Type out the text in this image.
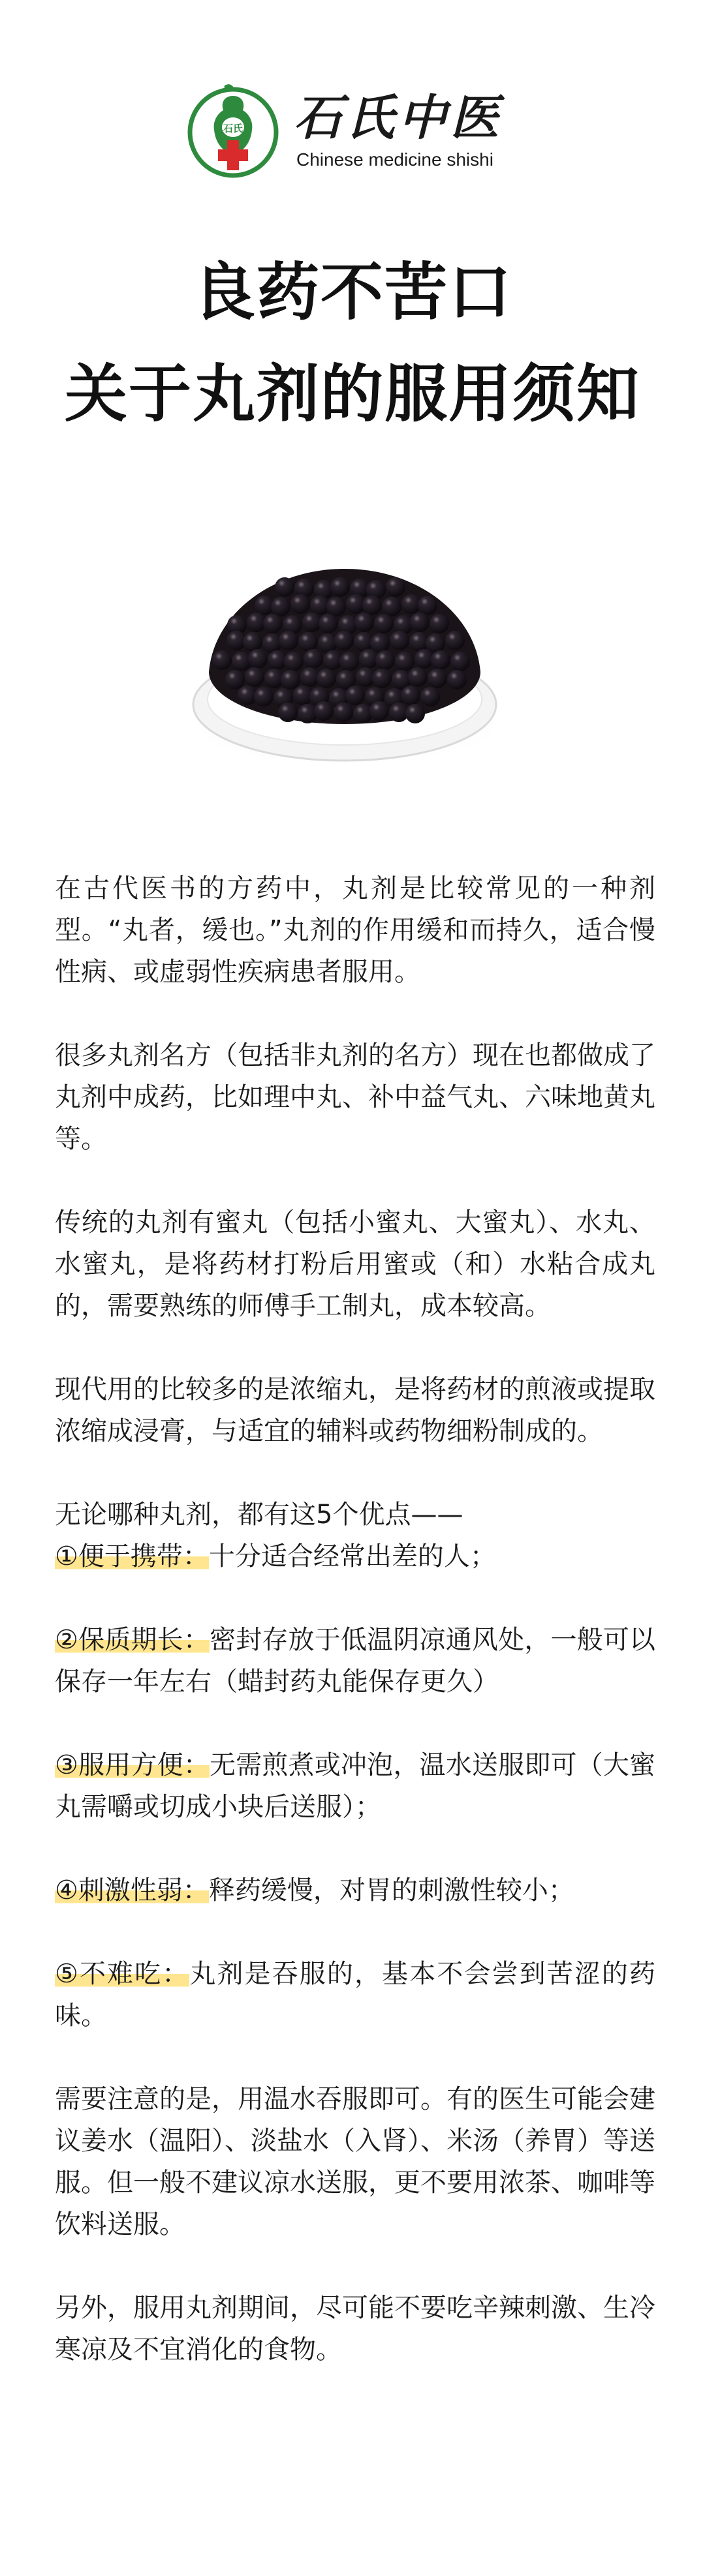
石氏 石氏中医
Chinese medicine shishi
良药不苦口
关于丸剂的服用须知

在古代医书的方药中，丸剂是比较常见的一种剂型。“丸者，缓也。”丸剂的作用缓和而持久，适合慢性病、或虚弱性疾病患者服用。

很多丸剂名方（包括非丸剂的名方）现在也都做成了丸剂中成药，比如理中丸、补中益气丸、六味地黄丸等。

传统的丸剂有蜜丸（包括小蜜丸、大蜜丸）、水丸、水蜜丸，是将药材打粉后用蜜或（和）水粘合成丸的，需要熟练的师傅手工制丸，成本较高。

现代用的比较多的是浓缩丸，是将药材的煎液或提取浓缩成浸膏，与适宜的辅料或药物细粉制成的。

无论哪种丸剂，都有这5个优点——

①便于携带：十分适合经常出差的人；

②保质期长：密封存放于低温阴凉通风处，一般可以保存一年左右（蜡封药丸能保存更久）

③服用方便：无需煎煮或冲泡，温水送服即可（大蜜丸需嚼或切成小块后送服）；

④刺激性弱：释药缓慢，对胃的刺激性较小；

⑤不难吃：丸剂是吞服的，基本不会尝到苦涩的药味。

需要注意的是，用温水吞服即可。有的医生可能会建议姜水（温阳）、淡盐水（入肾）、米汤（养胃）等送服。但一般不建议凉水送服，更不要用浓茶、咖啡等饮料送服。

另外，服用丸剂期间，尽可能不要吃辛辣刺激、生冷寒凉及不宜消化的食物。
